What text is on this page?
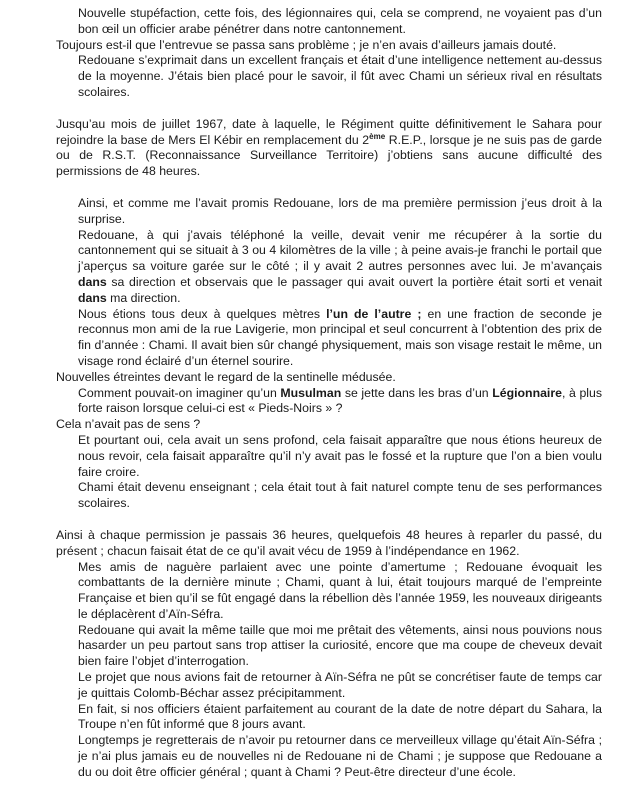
Nouvelle stupéfaction, cette fois, des légionnaires qui, cela se comprend, ne voyaient pas d’un bon œil un officier arabe pénétrer dans notre cantonnement.

Toujours est-il que l’entrevue se passa sans problème ; je n’en avais d’ailleurs jamais douté.

Redouane s’exprimait dans un excellent français et était d’une intelligence nettement au-dessus de la moyenne. J’étais bien placé pour le savoir, il fût avec Chami un sérieux rival en résultats scolaires.

Jusqu’au mois de juillet 1967, date à laquelle, le Régiment quitte définitivement le Sahara pour rejoindre la base de Mers El Kébir en remplacement du 2ème R.E.P., lorsque je ne suis pas de garde ou de R.S.T. (Reconnaissance Surveillance Territoire) j’obtiens sans aucune difficulté des permissions de 48 heures.

Ainsi, et comme me l’avait promis Redouane, lors de ma première permission j’eus droit à la surprise.

Redouane, à qui j’avais téléphoné la veille, devait venir me récupérer à la sortie du cantonnement qui se situait à 3 ou 4 kilomètres de la ville ; à peine avais-je franchi le portail que j’aperçus sa voiture garée sur le côté ; il y avait 2 autres personnes avec lui. Je m’avançais dans sa direction et observais que le passager qui avait ouvert la portière était sorti et venait dans ma direction.

Nous étions tous deux à quelques mètres l’un de l’autre ; en une fraction de seconde je reconnus mon ami de la rue Lavigerie, mon principal et seul concurrent à l’obtention des prix de fin d’année : Chami. Il avait bien sûr changé physiquement, mais son visage restait le même, un visage rond éclairé d’un éternel sourire.

Nouvelles étreintes devant le regard de la sentinelle médusée.

Comment pouvait-on imaginer qu’un Musulman se jette dans les bras d’un Légionnaire, à plus forte raison lorsque celui-ci est « Pieds-Noirs » ?

Cela n’avait pas de sens ?

Et pourtant oui, cela avait un sens profond, cela faisait apparaître que nous étions heureux de nous revoir, cela faisait apparaître qu’il n’y avait pas le fossé et la rupture que l’on a bien voulu faire croire.

Chami était devenu enseignant ; cela était tout à fait naturel compte tenu de ses performances scolaires.

Ainsi à chaque permission je passais 36 heures, quelquefois 48 heures à reparler du passé, du présent ; chacun faisait état de ce qu’il avait vécu de 1959 à l’indépendance en 1962.

Mes amis de naguère parlaient avec une pointe d’amertume ; Redouane évoquait les combattants de la dernière minute ; Chami, quant à lui, était toujours marqué de l’empreinte Française et bien qu’il se fût engagé dans la rébellion dès l’année 1959, les nouveaux dirigeants le déplacèrent d’Aïn-Séfra.

Redouane qui avait la même taille que moi me prêtait des vêtements, ainsi nous pouvions nous hasarder un peu partout sans trop attiser la curiosité, encore que ma coupe de cheveux devait bien faire l’objet d’interrogation.

Le projet que nous avions fait de retourner à Aïn-Séfra ne pût se concrétiser faute de temps car je quittais Colomb-Béchar assez précipitamment.

En fait, si nos officiers étaient parfaitement au courant de la date de notre départ du Sahara, la Troupe n’en fût informé que 8 jours avant.

Longtemps je regretterais de n’avoir pu retourner dans ce merveilleux village qu’était Aïn-Séfra ; je n’ai plus jamais eu de nouvelles ni de Redouane ni de Chami ; je suppose que Redouane a du ou doit être officier général ; quant à Chami ? Peut-être directeur d’une école.
